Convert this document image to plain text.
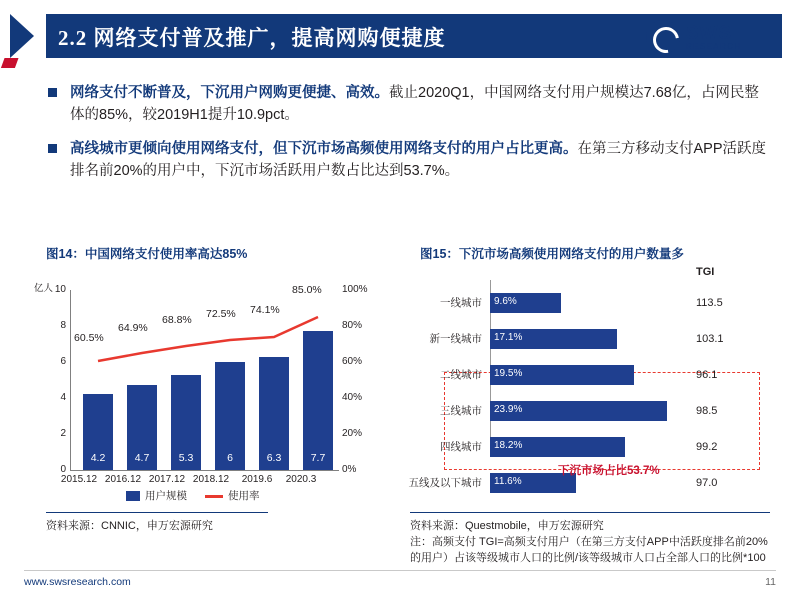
2.2 网络支付普及推广，提高网购便捷度	SWS
RESEARCH

网络支付不断普及，下沉用户网购更便捷、高效。截止2020Q1，中国网络支付用户规模达7.68亿，占网民整体的85%，较2019H1提升10.9pct。

高线城市更倾向使用网络支付，但下沉市场高频使用网络支付的用户占比更高。在第三方移动支付APP活跃度排名前20%的用户中，下沉市场活跃用户数占比达到53.7%。

图14：中国网络支付使用率高达85%	图15：下沉市场高频使用网络支付的用户数量多
亿人
0
2
4
6
8
10
0%
20%
40%
60%
80%
100%
4.2	4.7	5.3	6	6.3	7.7
60.5%
64.9%
68.8% 72.5% 74.1%
85.0%
2015.12 2016.12 2017.12 2018.12	2019.6	2020.3
用户规模	使用率
TGI
一线城市 9.6%	113.5
新一线城市 17.1%	103.1
二线城市 19.5%	96.1
三线城市 23.9%	98.5
四线城市 18.2%	99.2
五线及以下城市 11.6%	97.0
下沉市场占比53.7%
资料来源：CNNIC，申万宏源研究	资料来源：Questmobile，申万宏源研究
注：高频支付 TGI=高频支付用户（在第三方支付APP中活跃度排名前20%的用户）占该等级城市人口的比例/该等级城市人口占全部人口的比例*100
www.swsresearch.com	11
